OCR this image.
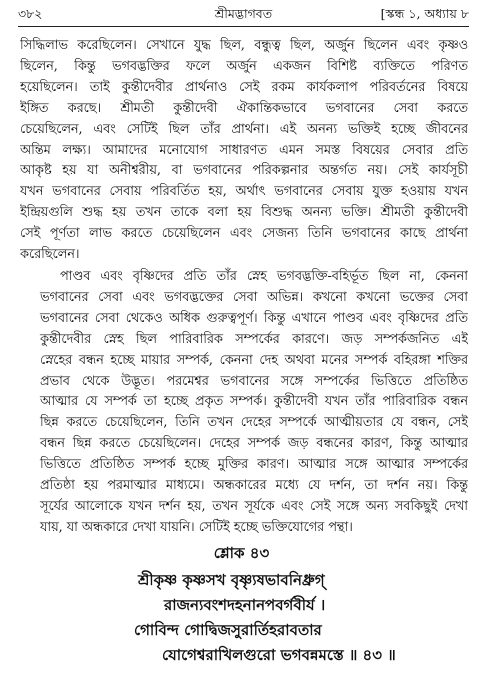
৩৮২	শ্রীমদ্ভাগবত	[স্কন্ধ ১, অধ্যায় ৮
সিদ্ধিলাভ করেছিলেন। সেখানে যুদ্ধ ছিল, বন্ধুত্ব ছিল, অর্জুন ছিলেন এবং কৃষ্ণও
ছিলেন, কিন্তু ভগবদ্ভক্তির ফলে অর্জুন একজন বিশিষ্ট ব্যক্তিতে পরিণত
হয়েছিলেন। তাই কুন্তীদেবীর প্রার্থনাও সেই রকম কার্যকলাপ পরিবর্তনের বিষয়ে
ইঙ্গিত করছে। শ্রীমতী কুন্তীদেবী ঐকান্তিকভাবে ভগবানের সেবা করতে
চেয়েছিলেন, এবং সেটিই ছিল তাঁর প্রার্থনা। এই অনন্য ভক্তিই হচ্ছে জীবনের
অন্তিম লক্ষ্য। আমাদের মনোযোগ সাধারণত এমন সমস্ত বিষয়ের সেবার প্রতি
আকৃষ্ট হয় যা অনীশ্বরীয়, বা ভগবানের পরিকল্পনার অন্তর্গত নয়। সেই কার্যসূচী
যখন ভগবানের সেবায় পরিবর্তিত হয়, অর্থাৎ ভগবানের সেবায় যুক্ত হওয়ায় যখন
ইন্দ্রিয়গুলি শুদ্ধ হয় তখন তাকে বলা হয় বিশুদ্ধ অনন্য ভক্তি। শ্রীমতী কুন্তীদেবী
সেই পূর্ণতা লাভ করতে চেয়েছিলেন এবং সেজন্য তিনি ভগবানের কাছে প্রার্থনা
করেছিলেন।
পাণ্ডব এবং বৃষ্ণিদের প্রতি তাঁর স্নেহ ভগবদ্ভক্তি-বহির্ভূত ছিল না, কেননা
ভগবানের সেবা এবং ভগবদ্ভক্তের সেবা অভিন্ন। কখনো কখনো ভক্তের সেবা
ভগবানের সেবা থেকেও অধিক গুরুত্বপূর্ণ। কিন্তু এখানে পাণ্ডব এবং বৃষ্ণিদের প্রতি
কুন্তীদেবীর স্নেহ ছিল পারিবারিক সম্পর্কের কারণে। জড় সম্পর্কজনিত এই
স্নেহের বন্ধন হচ্ছে মায়ার সম্পর্ক, কেননা দেহ অথবা মনের সম্পর্ক বহিরঙ্গা শক্তির
প্রভাব থেকে উদ্ভূত। পরমেশ্বর ভগবানের সঙ্গে সম্পর্কের ভিত্তিতে প্রতিষ্ঠিত
আত্মার যে সম্পর্ক তা হচ্ছে প্রকৃত সম্পর্ক। কুন্তীদেবী যখন তাঁর পারিবারিক বন্ধন
ছিন্ন করতে চেয়েছিলেন, তিনি তখন দেহের সম্পর্কে আত্মীয়তার যে বন্ধন, সেই
বন্ধন ছিন্ন করতে চেয়েছিলেন। দেহের সম্পর্ক জড় বন্ধনের কারণ, কিন্তু আত্মার
ভিত্তিতে প্রতিষ্ঠিত সম্পর্ক হচ্ছে মুক্তির কারণ। আত্মার সঙ্গে আত্মার সম্পর্কের
প্রতিষ্ঠা হয় পরমাত্মার মাধ্যমে। অন্ধকারের মধ্যে যে দর্শন, তা দর্শন নয়। কিন্তু
সূর্যের আলোকে যখন দর্শন হয়, তখন সূর্যকে এবং সেই সঙ্গে অন্য সবকিছুই দেখা
যায়, যা অন্ধকারে দেখা যায়নি। সেটিই হচ্ছে ভক্তিযোগের পন্থা।
শ্লোক ৪৩
শ্রীকৃষ্ণ কৃষ্ণসখ বৃষ্ণ্যৃষভাবনিধ্রুগ্
রাজন্যবংশদহনানপবর্গবীর্য ।
গোবিন্দ গোদ্বিজসুরার্তিহরাবতার
যোগেশ্বরাখিলগুরো ভগবন্নমস্তে ॥ ৪৩ ॥
